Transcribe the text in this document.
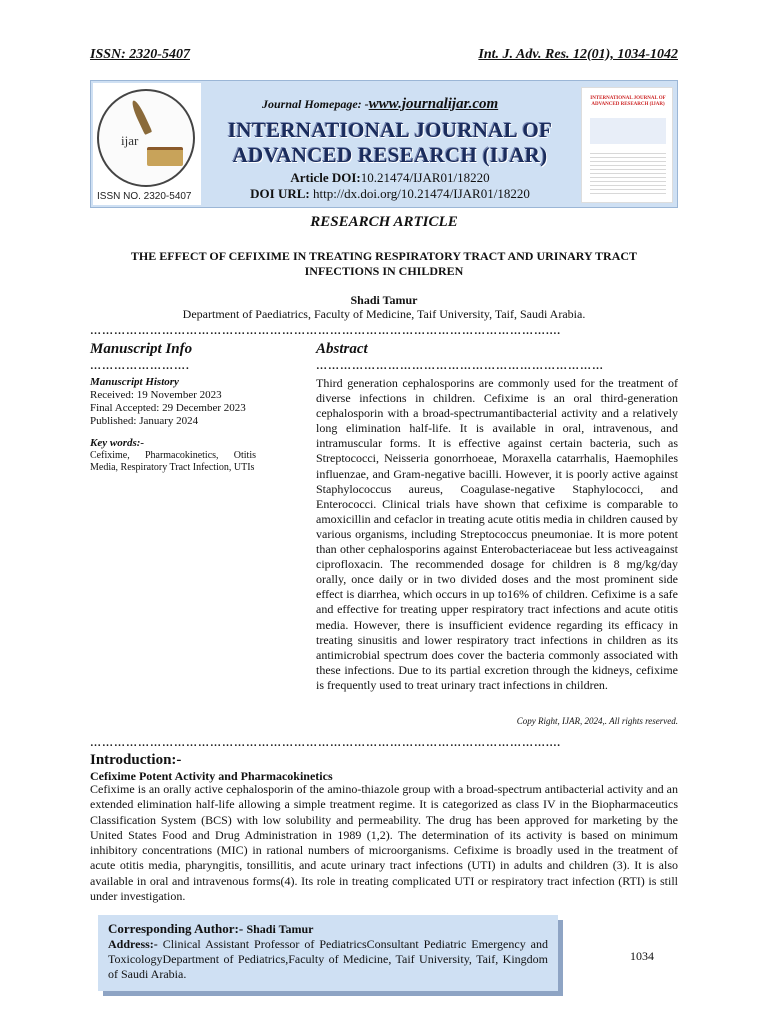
ISSN: 2320-5407	Int. J. Adv. Res. 12(01), 1034-1042
ijar
ISSN NO. 2320-5407
INTERNATIONAL JOURNAL OF ADVANCED RESEARCH (IJAR)
Journal Homepage: -www.journalijar.com
INTERNATIONAL JOURNAL OF
ADVANCED RESEARCH (IJAR)
Article DOI:10.21474/IJAR01/18220
DOI URL: http://dx.doi.org/10.21474/IJAR01/18220
RESEARCH ARTICLE
THE EFFECT OF CEFIXIME IN TREATING RESPIRATORY TRACT AND URINARY TRACT
INFECTIONS IN CHILDREN
Shadi Tamur
Department of Paediatrics, Faculty of Medicine, Taif University, Taif, Saudi Arabia.
……………………………………………………………………………………………………....
Manuscript Info
…………………….
Manuscript History
Received: 19 November 2023
Final Accepted: 29 December 2023
Published: January 2024
Key words:-
Cefixime, Pharmacokinetics, Otitis Media, Respiratory Tract Infection, UTIs
Abstract
………………………………………………………………
Third generation cephalosporins are commonly used for the treatment of diverse infections in children. Cefixime is an oral third-generation cephalosporin with a broad-spectrumantibacterial activity and a relatively long elimination half-life. It is available in oral, intravenous, and intramuscular forms. It is effective against certain bacteria, such as Streptococci, Neisseria gonorrhoeae, Moraxella catarrhalis, Haemophiles influenzae, and Gram-negative bacilli. However, it is poorly active against Staphylococcus aureus, Coagulase-negative Staphylococci, and Enterococci. Clinical trials have shown that cefixime is comparable to amoxicillin and cefaclor in treating acute otitis media in children caused by various organisms, including Streptococcus pneumoniae. It is more potent than other cephalosporins against Enterobacteriaceae but less activeagainst ciprofloxacin. The recommended dosage for children is 8 mg/kg/day orally, once daily or in two divided doses and the most prominent side effect is diarrhea, which occurs in up to16% of children. Cefixime is a safe and effective for treating upper respiratory tract infections and acute otitis media. However, there is insufficient evidence regarding its efficacy in treating sinusitis and lower respiratory tract infections in children as its antimicrobial spectrum does cover the bacteria commonly associated with these infections. Due to its partial excretion through the kidneys, cefixime is frequently used to treat urinary tract infections in children.
Copy Right, IJAR, 2024,. All rights reserved.
……………………………………………………………………………………………………....
Introduction:-
Cefixime Potent Activity and Pharmacokinetics
Cefixime is an orally active cephalosporin of the amino-thiazole group with a broad-spectrum antibacterial activity and an extended elimination half-life allowing a simple treatment regime. It is categorized as class IV in the Biopharmaceutics Classification System (BCS) with low solubility and permeability. The drug has been approved for marketing by the United States Food and Drug Administration in 1989 (1,2). The determination of its activity is based on minimum inhibitory concentrations (MIC) in rational numbers of microorganisms. Cefixime is broadly used in the treatment of acute otitis media, pharyngitis, tonsillitis, and acute urinary tract infections (UTI) in adults and children (3). It is also available in oral and intravenous forms(4). Its role in treating complicated UTI or respiratory tract infection (RTI) is still under investigation.
Corresponding Author:- Shadi Tamur
Address:- Clinical Assistant Professor of PediatricsConsultant Pediatric Emergency and ToxicologyDepartment of Pediatrics,Faculty of Medicine, Taif University, Taif, Kingdom of Saudi Arabia.
1034
